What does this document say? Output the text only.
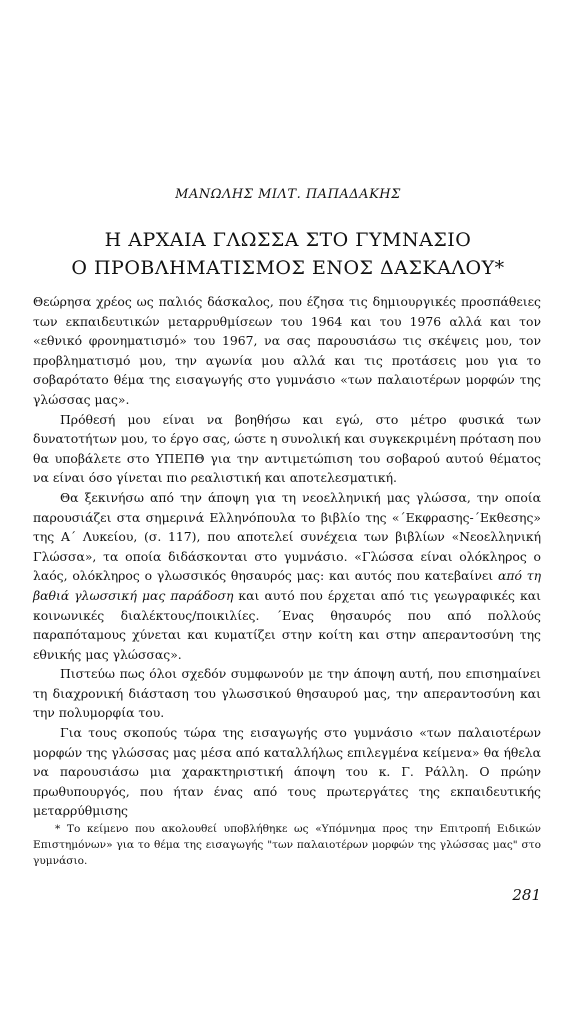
ΜΑΝΩΛΗΣ ΜΙΛΤ. ΠΑΠΑΔΑΚΗΣ
Η ΑΡΧΑΙΑ ΓΛΩΣΣΑ ΣΤΟ ΓΥΜΝΑΣΙΟ
Ο ΠΡΟΒΛΗΜΑΤΙΣΜΟΣ ΕΝΟΣ ΔΑΣΚΑΛΟΥ*

Θεώρησα χρέος ως παλιός δάσκαλος, που έζησα τις δημιουργικές προσπάθειες των εκπαιδευτικών μεταρρυθμίσεων του 1964 και του 1976 αλλά και τον «εθνικό φρονηματισμό» του 1967, να σας παρουσιάσω τις σκέψεις μου, τον προβληματισμό μου, την αγωνία μου αλλά και τις προτάσεις μου για το σοβαρότατο θέμα της εισαγωγής στο γυμνάσιο «των παλαιοτέρων μορφών της γλώσσας μας».

Πρόθεσή μου είναι να βοηθήσω και εγώ, στο μέτρο φυσικά των δυνατοτήτων μου, το έργο σας, ώστε η συνολική και συγκεκριμένη πρόταση που θα υποβάλετε στο ΥΠΕΠΘ για την αντιμετώπιση του σοβαρού αυτού θέματος να είναι όσο γίνεται πιο ρεαλιστική και αποτελεσματική.

Θα ξεκινήσω από την άποψη για τη νεοελληνική μας γλώσσα, την οποία παρουσιάζει στα σημερινά Ελληνόπουλα το βιβλίο της «΄Εκφρασης-΄Εκθεσης» της Α΄ Λυκείου, (σ. 117), που αποτελεί συνέχεια των βιβλίων «Νεοελληνική Γλώσσα», τα οποία διδάσκονται στο γυμνάσιο. «Γλώσσα είναι ολόκληρος ο λαός, ολόκληρος ο γλωσσικός θησαυρός μας: και αυτός που κατεβαίνει από τη βαθιά γλωσσική μας παράδοση και αυτό που έρχεται από τις γεωγραφικές και κοινωνικές διαλέκτους/ποικιλίες. ΄Ενας θησαυρός που από πολλούς παραπόταμους χύνεται και κυματίζει στην κοίτη και στην απεραντοσύνη της εθνικής μας γλώσσας».

Πιστεύω πως όλοι σχεδόν συμφωνούν με την άποψη αυτή, που επισημαίνει τη διαχρονική διάσταση του γλωσσικού θησαυρού μας, την απεραντοσύνη και την πολυμορφία του.

Για τους σκοπούς τώρα της εισαγωγής στο γυμνάσιο «των παλαιοτέρων μορφών της γλώσσας μας μέσα από καταλλήλως επιλεγμένα κείμενα» θα ήθελα να παρουσιάσω μια χαρακτηριστική άποψη του κ. Γ. Ράλλη. Ο πρώην πρωθυπουργός, που ήταν ένας από τους πρωτεργάτες της εκπαιδευτικής μεταρρύθμισης

* Το κείμενο που ακολουθεί υποβλήθηκε ως «Υπόμνημα προς την Επιτροπή Ειδικών Επιστημόνων» για το θέμα της εισαγωγής "των παλαιοτέρων μορφών της γλώσσας μας" στο γυμνάσιο.

281
